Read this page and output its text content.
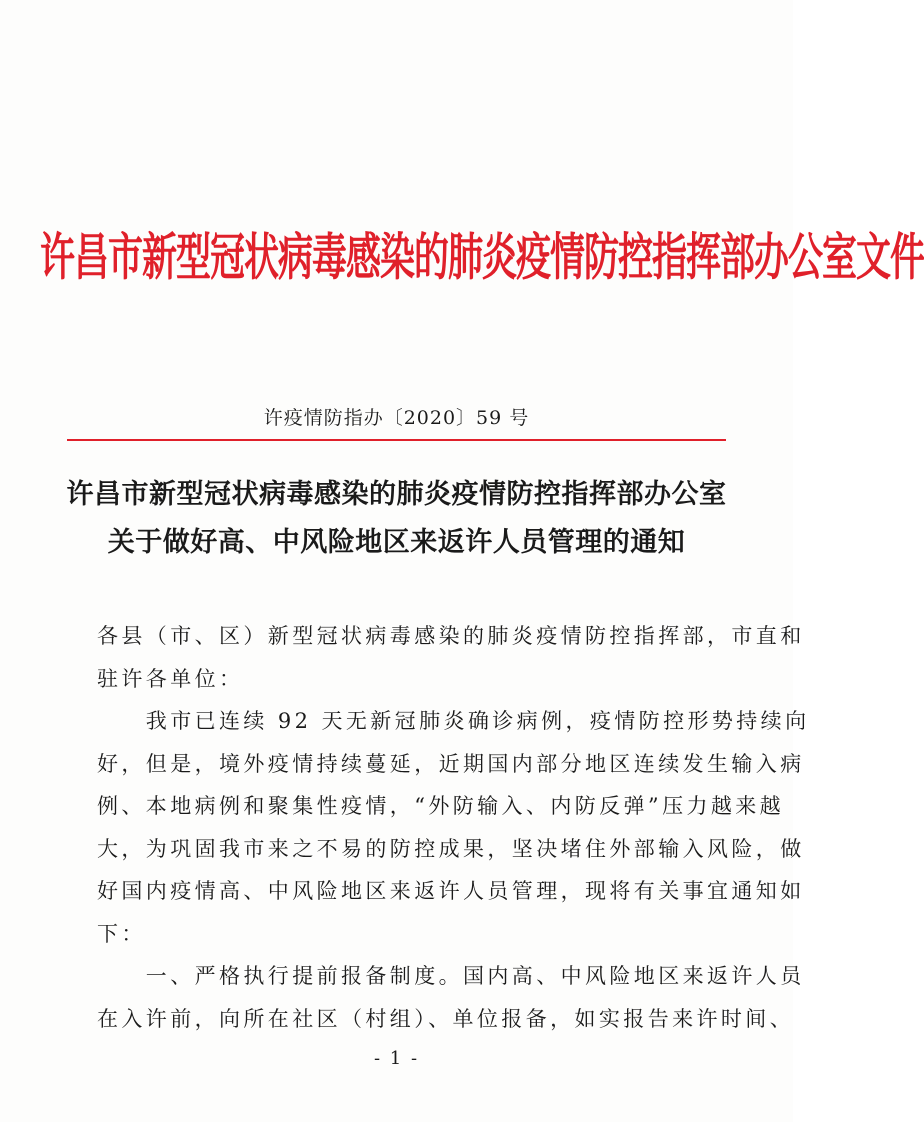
许昌市新型冠状病毒感染的肺炎疫情防控指挥部办公室文件
许疫情防指办〔2020〕59 号
许昌市新型冠状病毒感染的肺炎疫情防控指挥部办公室
关于做好高、中风险地区来返许人员管理的通知
各县（市、区）新型冠状病毒感染的肺炎疫情防控指挥部，市直和
驻许各单位：
　　我市已连续 92 天无新冠肺炎确诊病例，疫情防控形势持续向
好，但是，境外疫情持续蔓延，近期国内部分地区连续发生输入病
例、本地病例和聚集性疫情，“外防输入、内防反弹”压力越来越
大，为巩固我市来之不易的防控成果，坚决堵住外部输入风险，做
好国内疫情高、中风险地区来返许人员管理，现将有关事宜通知如
下：
　　一、严格执行提前报备制度。国内高、中风险地区来返许人员
在入许前，向所在社区（村组）、单位报备，如实报告来许时间、
- 1 -
